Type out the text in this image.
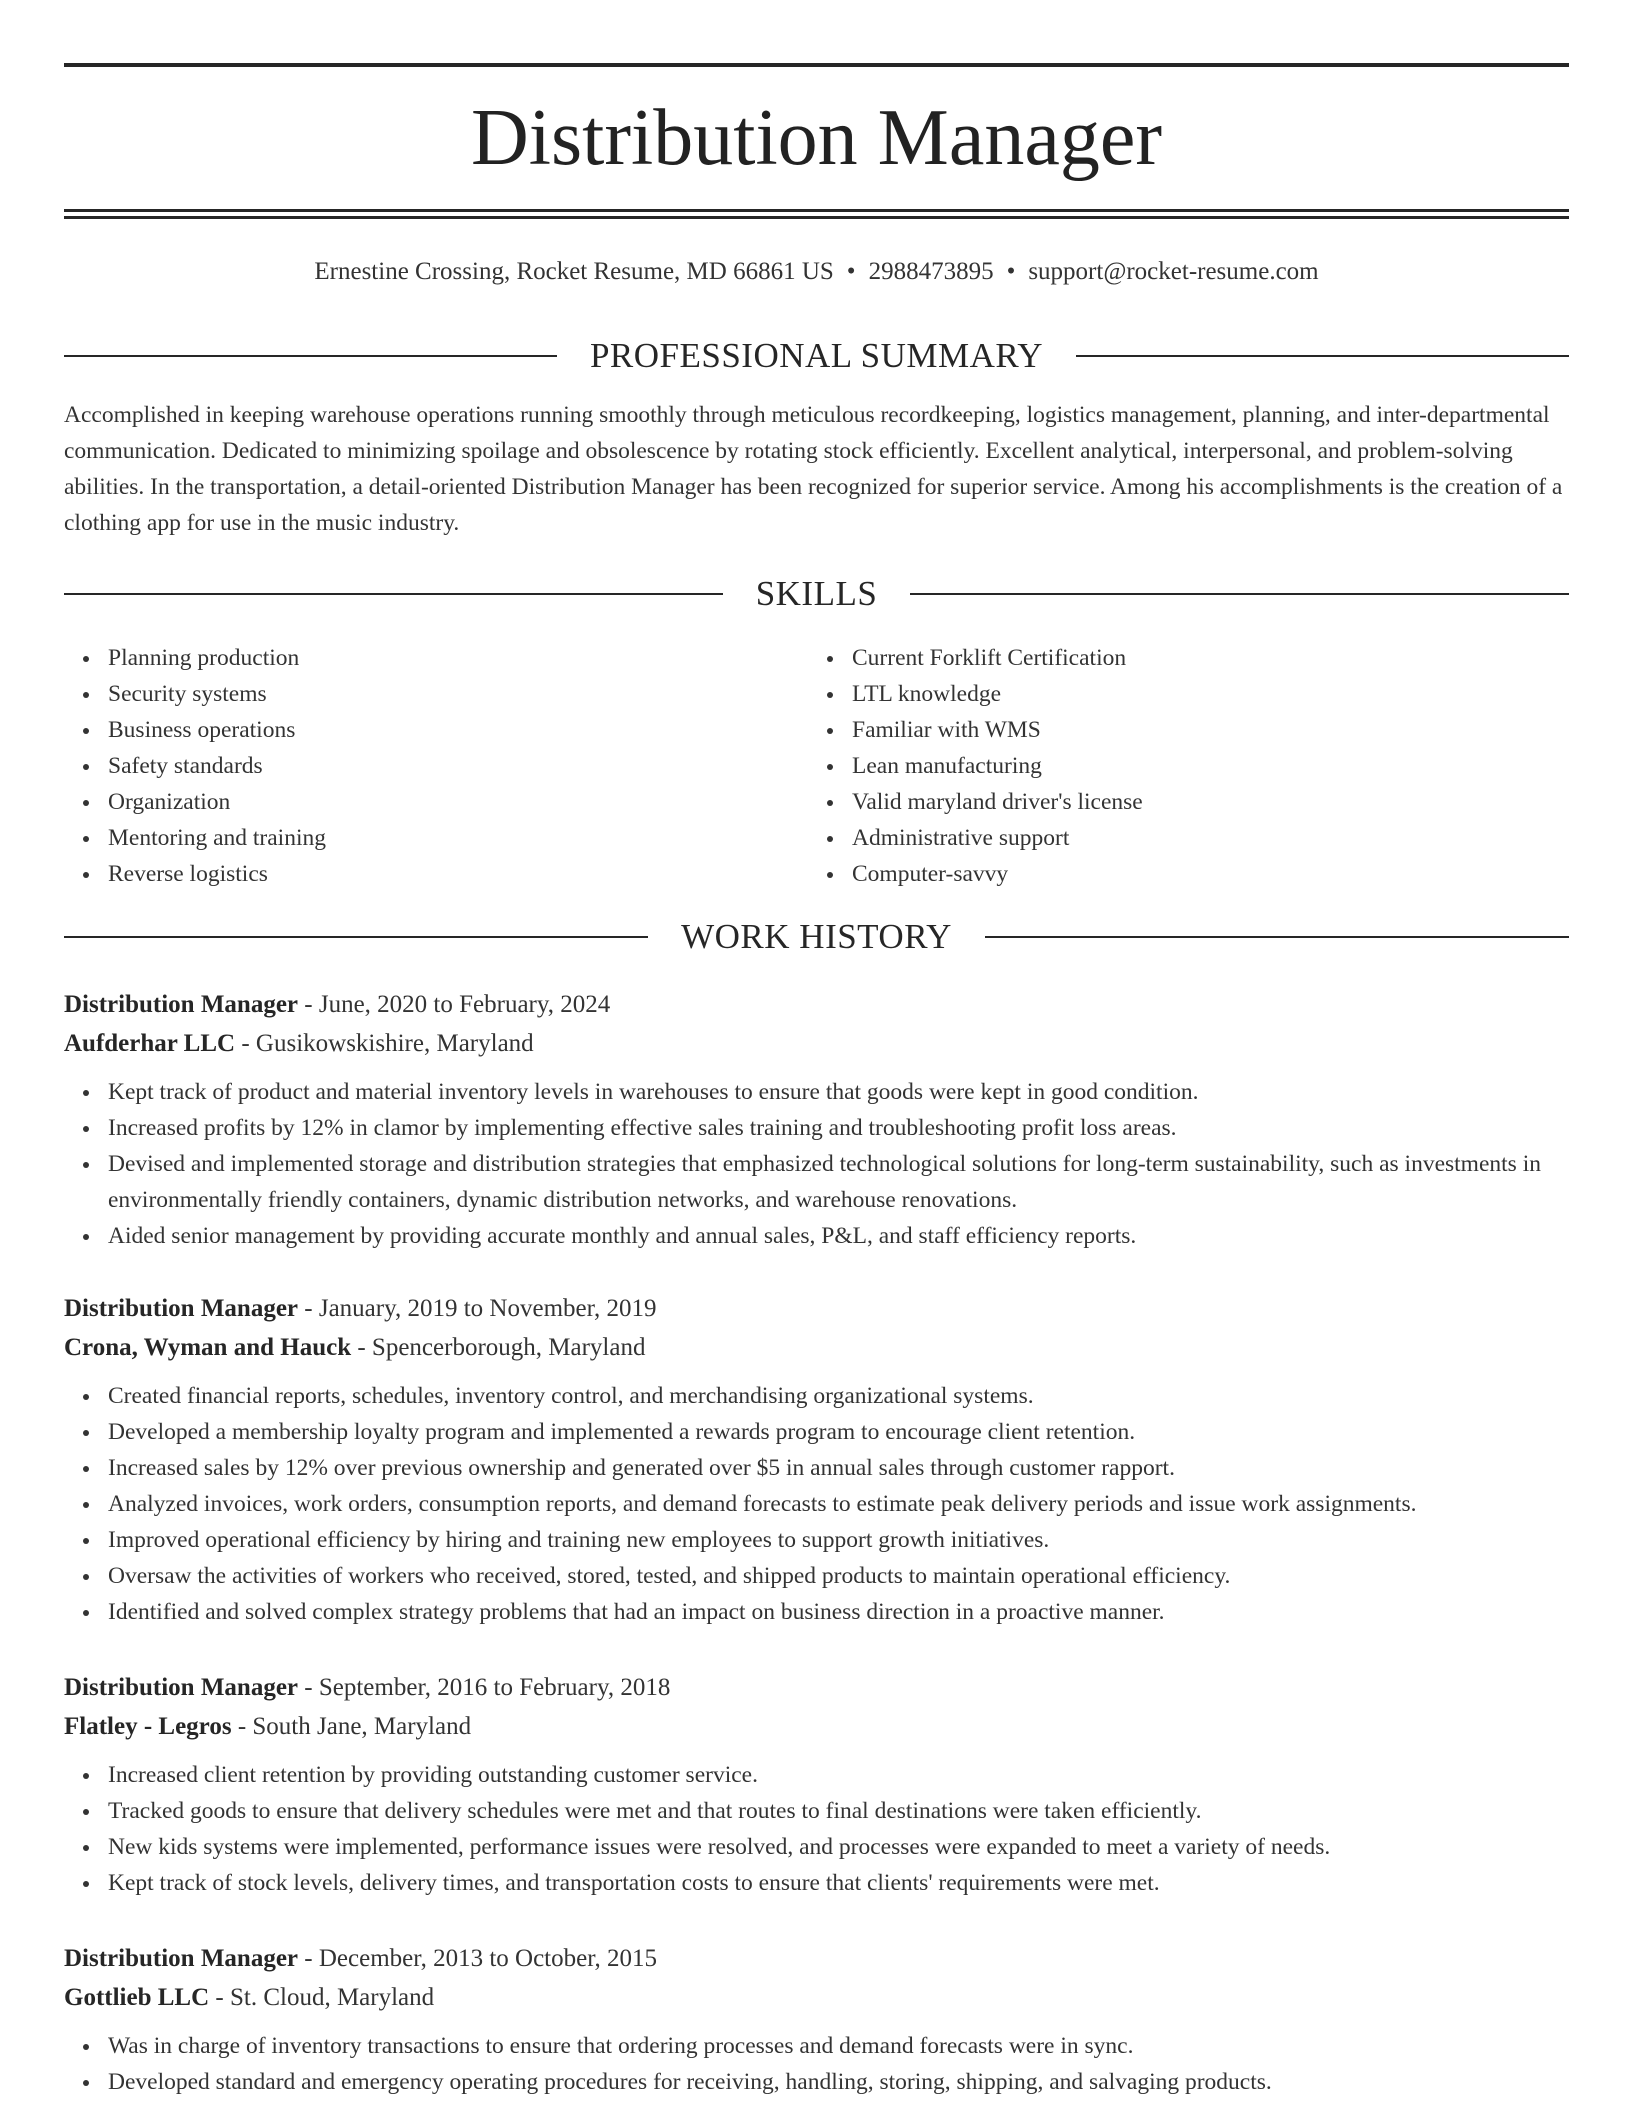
Distribution Manager
Ernestine Crossing, Rocket Resume, MD 66861 US • 2988473895 • support@rocket-resume.com
PROFESSIONAL SUMMARY

Accomplished in keeping warehouse operations running smoothly through meticulous recordkeeping, logistics management, planning, and inter-departmental communication. Dedicated to minimizing spoilage and obsolescence by rotating stock efficiently. Excellent analytical, interpersonal, and problem-solving abilities. In the transportation, a detail-oriented Distribution Manager has been recognized for superior service. Among his accomplishments is the creation of a clothing app for use in the music industry.

SKILLS
Planning production
Security systems
Business operations
Safety standards
Organization
Mentoring and training
Reverse logistics
Current Forklift Certification
LTL knowledge
Familiar with WMS
Lean manufacturing
Valid maryland driver's license
Administrative support
Computer-savvy
WORK HISTORY
Distribution Manager - June, 2020 to February, 2024
Aufderhar LLC - Gusikowskishire, Maryland
Kept track of product and material inventory levels in warehouses to ensure that goods were kept in good condition.
Increased profits by 12% in clamor by implementing effective sales training and troubleshooting profit loss areas.
Devised and implemented storage and distribution strategies that emphasized technological solutions for long-term sustainability, such as investments in environmentally friendly containers, dynamic distribution networks, and warehouse renovations.
Aided senior management by providing accurate monthly and annual sales, P&L, and staff efficiency reports.
Distribution Manager - January, 2019 to November, 2019
Crona, Wyman and Hauck - Spencerborough, Maryland
Created financial reports, schedules, inventory control, and merchandising organizational systems.
Developed a membership loyalty program and implemented a rewards program to encourage client retention.
Increased sales by 12% over previous ownership and generated over $5 in annual sales through customer rapport.
Analyzed invoices, work orders, consumption reports, and demand forecasts to estimate peak delivery periods and issue work assignments.
Improved operational efficiency by hiring and training new employees to support growth initiatives.
Oversaw the activities of workers who received, stored, tested, and shipped products to maintain operational efficiency.
Identified and solved complex strategy problems that had an impact on business direction in a proactive manner.
Distribution Manager - September, 2016 to February, 2018
Flatley - Legros - South Jane, Maryland
Increased client retention by providing outstanding customer service.
Tracked goods to ensure that delivery schedules were met and that routes to final destinations were taken efficiently.
New kids systems were implemented, performance issues were resolved, and processes were expanded to meet a variety of needs.
Kept track of stock levels, delivery times, and transportation costs to ensure that clients' requirements were met.
Distribution Manager - December, 2013 to October, 2015
Gottlieb LLC - St. Cloud, Maryland
Was in charge of inventory transactions to ensure that ordering processes and demand forecasts were in sync.
Developed standard and emergency operating procedures for receiving, handling, storing, shipping, and salvaging products.
